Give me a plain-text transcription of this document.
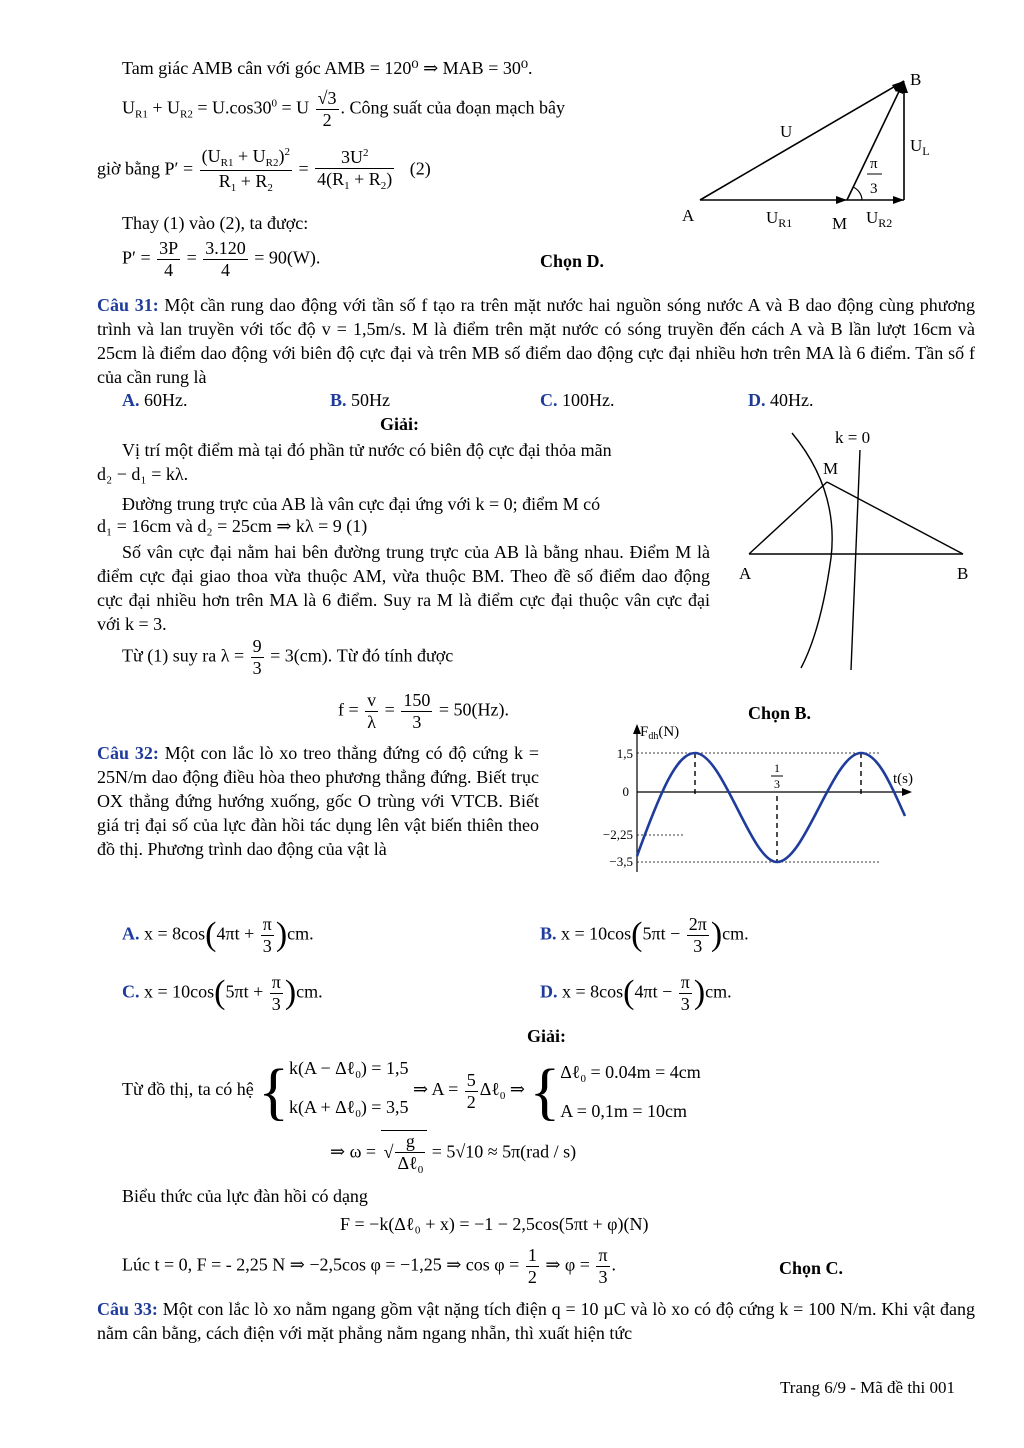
Tam giác AMB cân với góc AMB = 120⁰ ⇒ MAB = 30⁰.
$U_{R1} + U_{R2} = U.\cos 30^0 = U \frac{√3}{2}$ . Công suất của đoạn mạch bây
giờ bằng $P' = \frac{(U_{R1} + U_{R2})^2}{R_1 + R_2} = \frac{3U^2}{4(R_1 + R_2)} (2)$
Thay (1) vào (2), ta được:
$P' = \frac{3P}{4} = \frac{3.120}{4} = 90(W)$.	Chọn D.
B
A	M
U
$U_L$
$U_{R1}$	$U_{R2}$
π
3
Câu 31: Một cần rung dao động với tần số f tạo ra trên mặt nước hai nguồn sóng nước A và B dao động cùng phương trình và lan truyền với tốc độ v = 1,5m/s. M là điểm trên mặt nước có sóng truyền đến cách A và B lần lượt 16cm và 25cm là điểm dao động với biên độ cực đại và trên MB số điểm dao động cực đại nhiều hơn trên MA là 6 điểm. Tần số f của cần rung là
A. 60Hz.	B. 50Hz	C. 100Hz.	D. 40Hz.
Giải:
Vị trí một điểm mà tại đó phần tử nước có biên độ cực đại thỏa mãn
d₂ − d₁ = kλ.
Đường trung trực của AB là vân cực đại ứng với k = 0; điểm M có
d₁ = 16cm và d₂ = 25cm ⇒ kλ = 9 (1)
Số vân cực đại nằm hai bên đường trung trực của AB là bằng nhau. Điểm M là điểm cực đại giao thoa vừa thuộc AM, vừa thuộc BM. Theo đề số điểm dao động cực đại nhiều hơn trên MA là 6 điểm. Suy ra M là điểm cực đại thuộc vân cực đại với k = 3.
Từ (1) suy ra $\lambda = \frac{9}{3} = 3(cm)$. Từ đó tính được
$f = \frac{v}{\lambda} = \frac{150}{3} = 50(Hz)$.	Chọn B.
k = 0
M
A	B
Câu 32: Một con lắc lò xo treo thẳng đứng có độ cứng k = 25N/m dao động điều hòa theo phương thẳng đứng. Biết trục OX thẳng đứng hướng xuống, gốc O trùng với VTCB. Biết giá trị đại số của lực đàn hồi tác dụng lên vật biến thiên theo đồ thị. Phương trình dao động của vật là
$F_{dh}(N)$
t(s)
1,5
0
−2,25
−3,5
1
3
A. $x = 8\cos(4\pi t + \frac{\pi}{3} )cm$.	B. $x = 10\cos(5\pi t - \frac{2\pi}{3} )cm$.
C. $x = 10\cos(5\pi t + \frac{\pi}{3} )cm$.	D. $x = 8\cos(4\pi t - \frac{\pi}{3} )cm$.
Giải:
Từ đồ thị, ta có hệ {k(A − Δℓ$_0$) = 1,5
k(A + Δℓ$_0$) = 3,5 ⇒ $A = \frac{5}{2}$ Δℓ$_0$ ⇒ {Δℓ$_0$ = 0.04m = 4cm
A = 0,1m = 10cm
⇒ ω = √ $\frac{g}{\Delta\ell_0} = 5√10 \approx 5\pi(rad / s)$
Biểu thức của lực đàn hồi có dạng
F = −k(Δℓ₀ + x) = −1 − 2,5cos(5πt + φ)(N)
Lúc t = 0, F = - 2,25 N ⇒ −2,5cos φ = −1,25 ⇒ $\cos \varphi = \frac{1}{2}$ ⇒ $\varphi = \frac{\pi}{3}$ .	Chọn C.
Câu 33: Một con lắc lò xo nằm ngang gồm vật nặng tích điện q = 10 µC và lò xo có độ cứng k = 100 N/m. Khi vật đang nằm cân bằng, cách điện với mặt phẳng nằm ngang nhẵn, thì xuất hiện tức
Trang 6/9 - Mã đề thi 001
